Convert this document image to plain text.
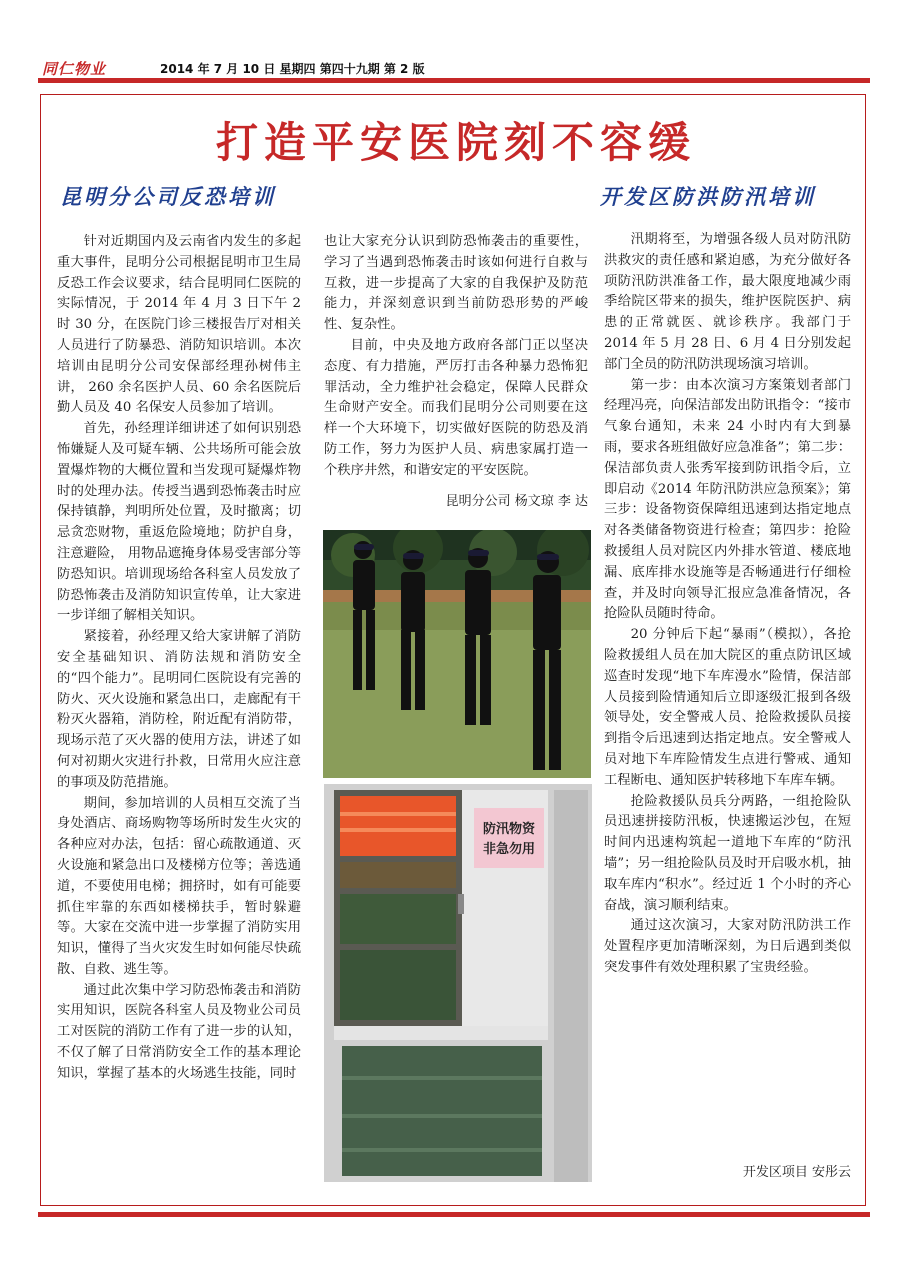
同仁物业	2014 年 7 月 10 日 星期四 第四十九期 第 2 版
打造平安医院刻不容缓
昆明分公司反恐培训	开发区防洪防汛培训

针对近期国内及云南省内发生的多起重大事件，昆明分公司根据昆明市卫生局反恐工作会议要求，结合昆明同仁医院的实际情况，于 2014 年 4 月 3 日下午 2 时 30 分，在医院门诊三楼报告厅对相关人员进行了防暴恐、消防知识培训。本次培训由昆明分公司安保部经理孙树伟主讲， 260 余名医护人员、60 余名医院后勤人员及 40 名保安人员参加了培训。

首先，孙经理详细讲述了如何识别恐怖嫌疑人及可疑车辆、公共场所可能会放置爆炸物的大概位置和当发现可疑爆炸物时的处理办法。传授当遇到恐怖袭击时应保持镇静，判明所处位置，及时撤离；切忌贪恋财物，重返危险境地；防护自身，注意避险， 用物品遮掩身体易受害部分等防恐知识。培训现场给各科室人员发放了防恐怖袭击及消防知识宣传单，让大家进一步详细了解相关知识。

紧接着，孙经理又给大家讲解了消防安全基础知识、消防法规和消防安全的“四个能力”。昆明同仁医院设有完善的防火、灭火设施和紧急出口，走廊配有干粉灭火器箱，消防栓，附近配有消防带，现场示范了灭火器的使用方法，讲述了如何对初期火灾进行扑救，日常用火应注意的事项及防范措施。

期间，参加培训的人员相互交流了当身处酒店、商场购物等场所时发生火灾的各种应对办法，包括：留心疏散通道、灭火设施和紧急出口及楼梯方位等；善选通道，不要使用电梯；拥挤时，如有可能要抓住牢靠的东西如楼梯扶手，暂时躲避等。大家在交流中进一步掌握了消防实用知识，懂得了当火灾发生时如何能尽快疏散、自救、逃生等。

通过此次集中学习防恐怖袭击和消防实用知识，医院各科室人员及物业公司员工对医院的消防工作有了进一步的认知，不仅了解了日常消防安全工作的基本理论知识，掌握了基本的火场逃生技能，同时

也让大家充分认识到防恐怖袭击的重要性，学习了当遇到恐怖袭击时该如何进行自救与互救，进一步提高了大家的自我保护及防范能力，并深刻意识到当前防恐形势的严峻性、复杂性。

目前，中央及地方政府各部门正以坚决态度、有力措施，严厉打击各种暴力恐怖犯罪活动，全力维护社会稳定，保障人民群众生命财产安全。而我们昆明分公司则要在这样一个大环境下，切实做好医院的防恐及消防工作，努力为医护人员、病患家属打造一个秩序井然，和谐安定的平安医院。

昆明分公司 杨文琼 李 达
防汛物资
非急勿用

汛期将至，为增强各级人员对防汛防洪救灾的责任感和紧迫感，为充分做好各项防汛防洪准备工作，最大限度地减少雨季给院区带来的损失，维护医院医护、病患的正常就医、就诊秩序。我部门于 2014 年 5 月 28 日、6 月 4 日分别发起部门全员的防汛防洪现场演习培训。

第一步：由本次演习方案策划者部门经理冯亮，向保洁部发出防讯指令：“接市气象台通知，未来 24 小时内有大到暴雨，要求各班组做好应急准备”；第二步：保洁部负责人张秀军接到防讯指令后，立即启动《2014 年防汛防洪应急预案》；第三步：设备物资保障组迅速到达指定地点对各类储备物资进行检查；第四步：抢险救援组人员对院区内外排水管道、楼底地漏、底库排水设施等是否畅通进行仔细检查，并及时向领导汇报应急准备情况，各抢险队员随时待命。

20 分钟后下起“暴雨”（模拟），各抢险救援组人员在加大院区的重点防讯区域巡查时发现“地下车库漫水”险情，保洁部人员接到险情通知后立即逐级汇报到各级领导处，安全警戒人员、抢险救援队员接到指令后迅速到达指定地点。安全警戒人员对地下车库险情发生点进行警戒、通知工程断电、通知医护转移地下车库车辆。

抢险救援队员兵分两路，一组抢险队员迅速拼接防汛板，快速搬运沙包，在短时间内迅速构筑起一道地下车库的“防汛墙”；另一组抢险队员及时开启吸水机，抽取车库内“积水”。经过近 1 个小时的齐心奋战，演习顺利结束。

通过这次演习，大家对防汛防洪工作处置程序更加清晰深刻，为日后遇到类似突发事件有效处理积累了宝贵经验。

开发区项目 安彤云
